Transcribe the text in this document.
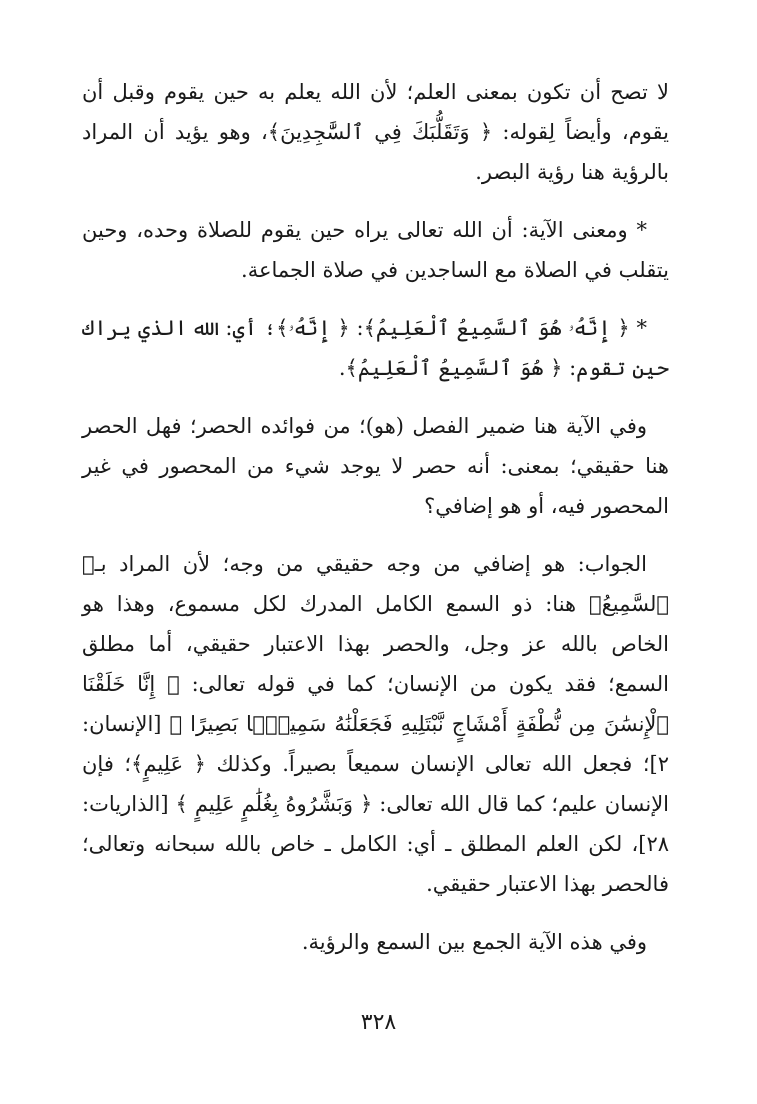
لا تصح أن تكون بمعنى العلم؛ لأن الله يعلم به حين يقوم وقبل أن يقوم، وأيضاً لِقوله: ﴿ وَتَقَلُّبَكَ فِي ٱلسَّٰجِدِينَ﴾، وهو يؤيد أن المراد بالرؤية هنا رؤية البصر.

* ومعنى الآية: أن الله تعالى يراه حين يقوم للصلاة وحده، وحين يتقلب في الصلاة مع الساجدين في صلاة الجماعة.

* ﴿ إِنَّهُۥ هُوَ ٱلسَّمِيعُ ٱلْعَلِيمُ﴾: ﴿ إِنَّهُۥ﴾؛ أي: الله الذي يراك حين تقوم: ﴿ هُوَ ٱلسَّمِيعُ ٱلْعَلِيمُ﴾.

وفي الآية هنا ضمير الفصل (هو)؛ من فوائده الحصر؛ فهل الحصر هنا حقيقي؛ بمعنى: أنه حصر لا يوجد شيء من المحصور في غير المحصور فيه، أو هو إضافي؟

الجواب: هو إضافي من وجه حقيقي من وجه؛ لأن المراد بـ﴿ ٱلسَّمِيعُ﴾ هنا: ذو السمع الكامل المدرك لكل مسموع، وهذا هو الخاص بالله عز وجل، والحصر بهذا الاعتبار حقيقي، أما مطلق السمع؛ فقد يكون من الإنسان؛ كما في قوله تعالى: ﴿ إِنَّا خَلَقْنَا ٱلْإِنسَٰنَ مِن نُّطْفَةٍ أَمْشَاجٍ نَّبْتَلِيهِ فَجَعَلْنَٰهُ سَمِيعًۢا بَصِيرًا ﴾ [الإنسان: ٢]؛ فجعل الله تعالى الإنسان سميعاً بصيراً. وكذلك ﴿ عَلِيمٍ﴾؛ فإن الإنسان عليم؛ كما قال الله تعالى: ﴿ وَبَشَّرُوهُ بِغُلَٰمٍ عَلِيمٍ ﴾ [الذاريات: ٢٨]، لكن العلم المطلق ـ أي: الكامل ـ خاص بالله سبحانه وتعالى؛ فالحصر بهذا الاعتبار حقيقي.

وفي هذه الآية الجمع بين السمع والرؤية.

٣٢٨
